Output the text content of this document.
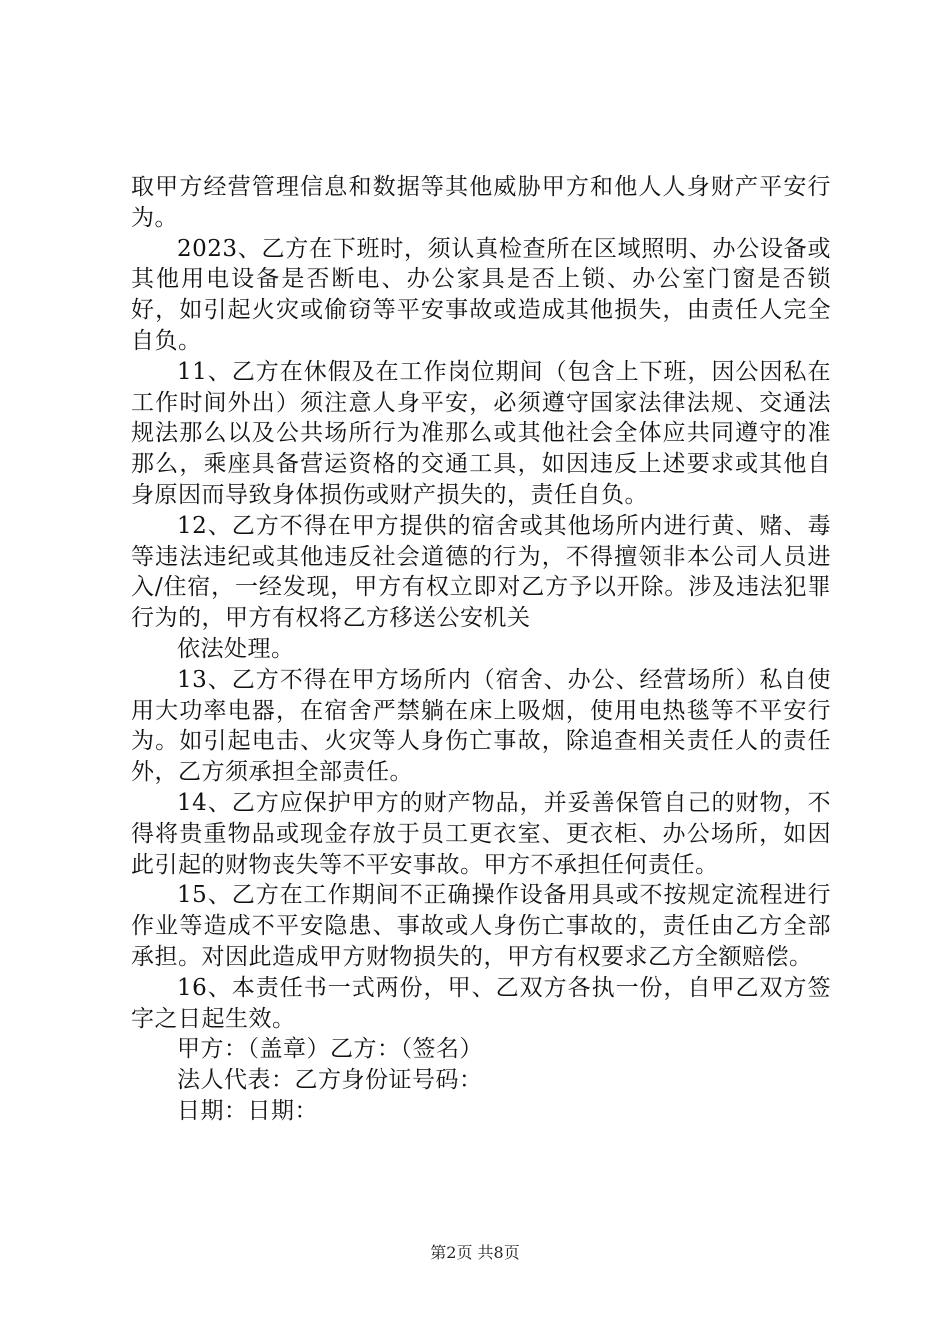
取甲方经营管理信息和数据等其他威胁甲方和他人人身财产平安行为。

2023、乙方在下班时，须认真检查所在区域照明、办公设备或其他用电设备是否断电、办公家具是否上锁、办公室门窗是否锁好，如引起火灾或偷窃等平安事故或造成其他损失，由责任人完全自负。

11、乙方在休假及在工作岗位期间（包含上下班，因公因私在工作时间外出）须注意人身平安，必须遵守国家法律法规、交通法规法那么以及公共场所行为准那么或其他社会全体应共同遵守的准那么，乘座具备营运资格的交通工具，如因违反上述要求或其他自身原因而导致身体损伤或财产损失的，责任自负。

12、乙方不得在甲方提供的宿舍或其他场所内进行黄、赌、毒等违法违纪或其他违反社会道德的行为，不得擅领非本公司人员进入/住宿，一经发现，甲方有权立即对乙方予以开除。涉及违法犯罪行为的，甲方有权将乙方移送公安机关

依法处理。

13、乙方不得在甲方场所内（宿舍、办公、经营场所）私自使用大功率电器，在宿舍严禁躺在床上吸烟，使用电热毯等不平安行为。如引起电击、火灾等人身伤亡事故，除追查相关责任人的责任外，乙方须承担全部责任。

14、乙方应保护甲方的财产物品，并妥善保管自己的财物，不得将贵重物品或现金存放于员工更衣室、更衣柜、办公场所，如因此引起的财物丧失等不平安事故。甲方不承担任何责任。

15、乙方在工作期间不正确操作设备用具或不按规定流程进行作业等造成不平安隐患、事故或人身伤亡事故的，责任由乙方全部承担。对因此造成甲方财物损失的，甲方有权要求乙方全额赔偿。

16、本责任书一式两份，甲、乙双方各执一份，自甲乙双方签字之日起生效。

甲方：（盖章）乙方：（签名）

法人代表：乙方身份证号码：

日期：日期：

第2页 共8页
